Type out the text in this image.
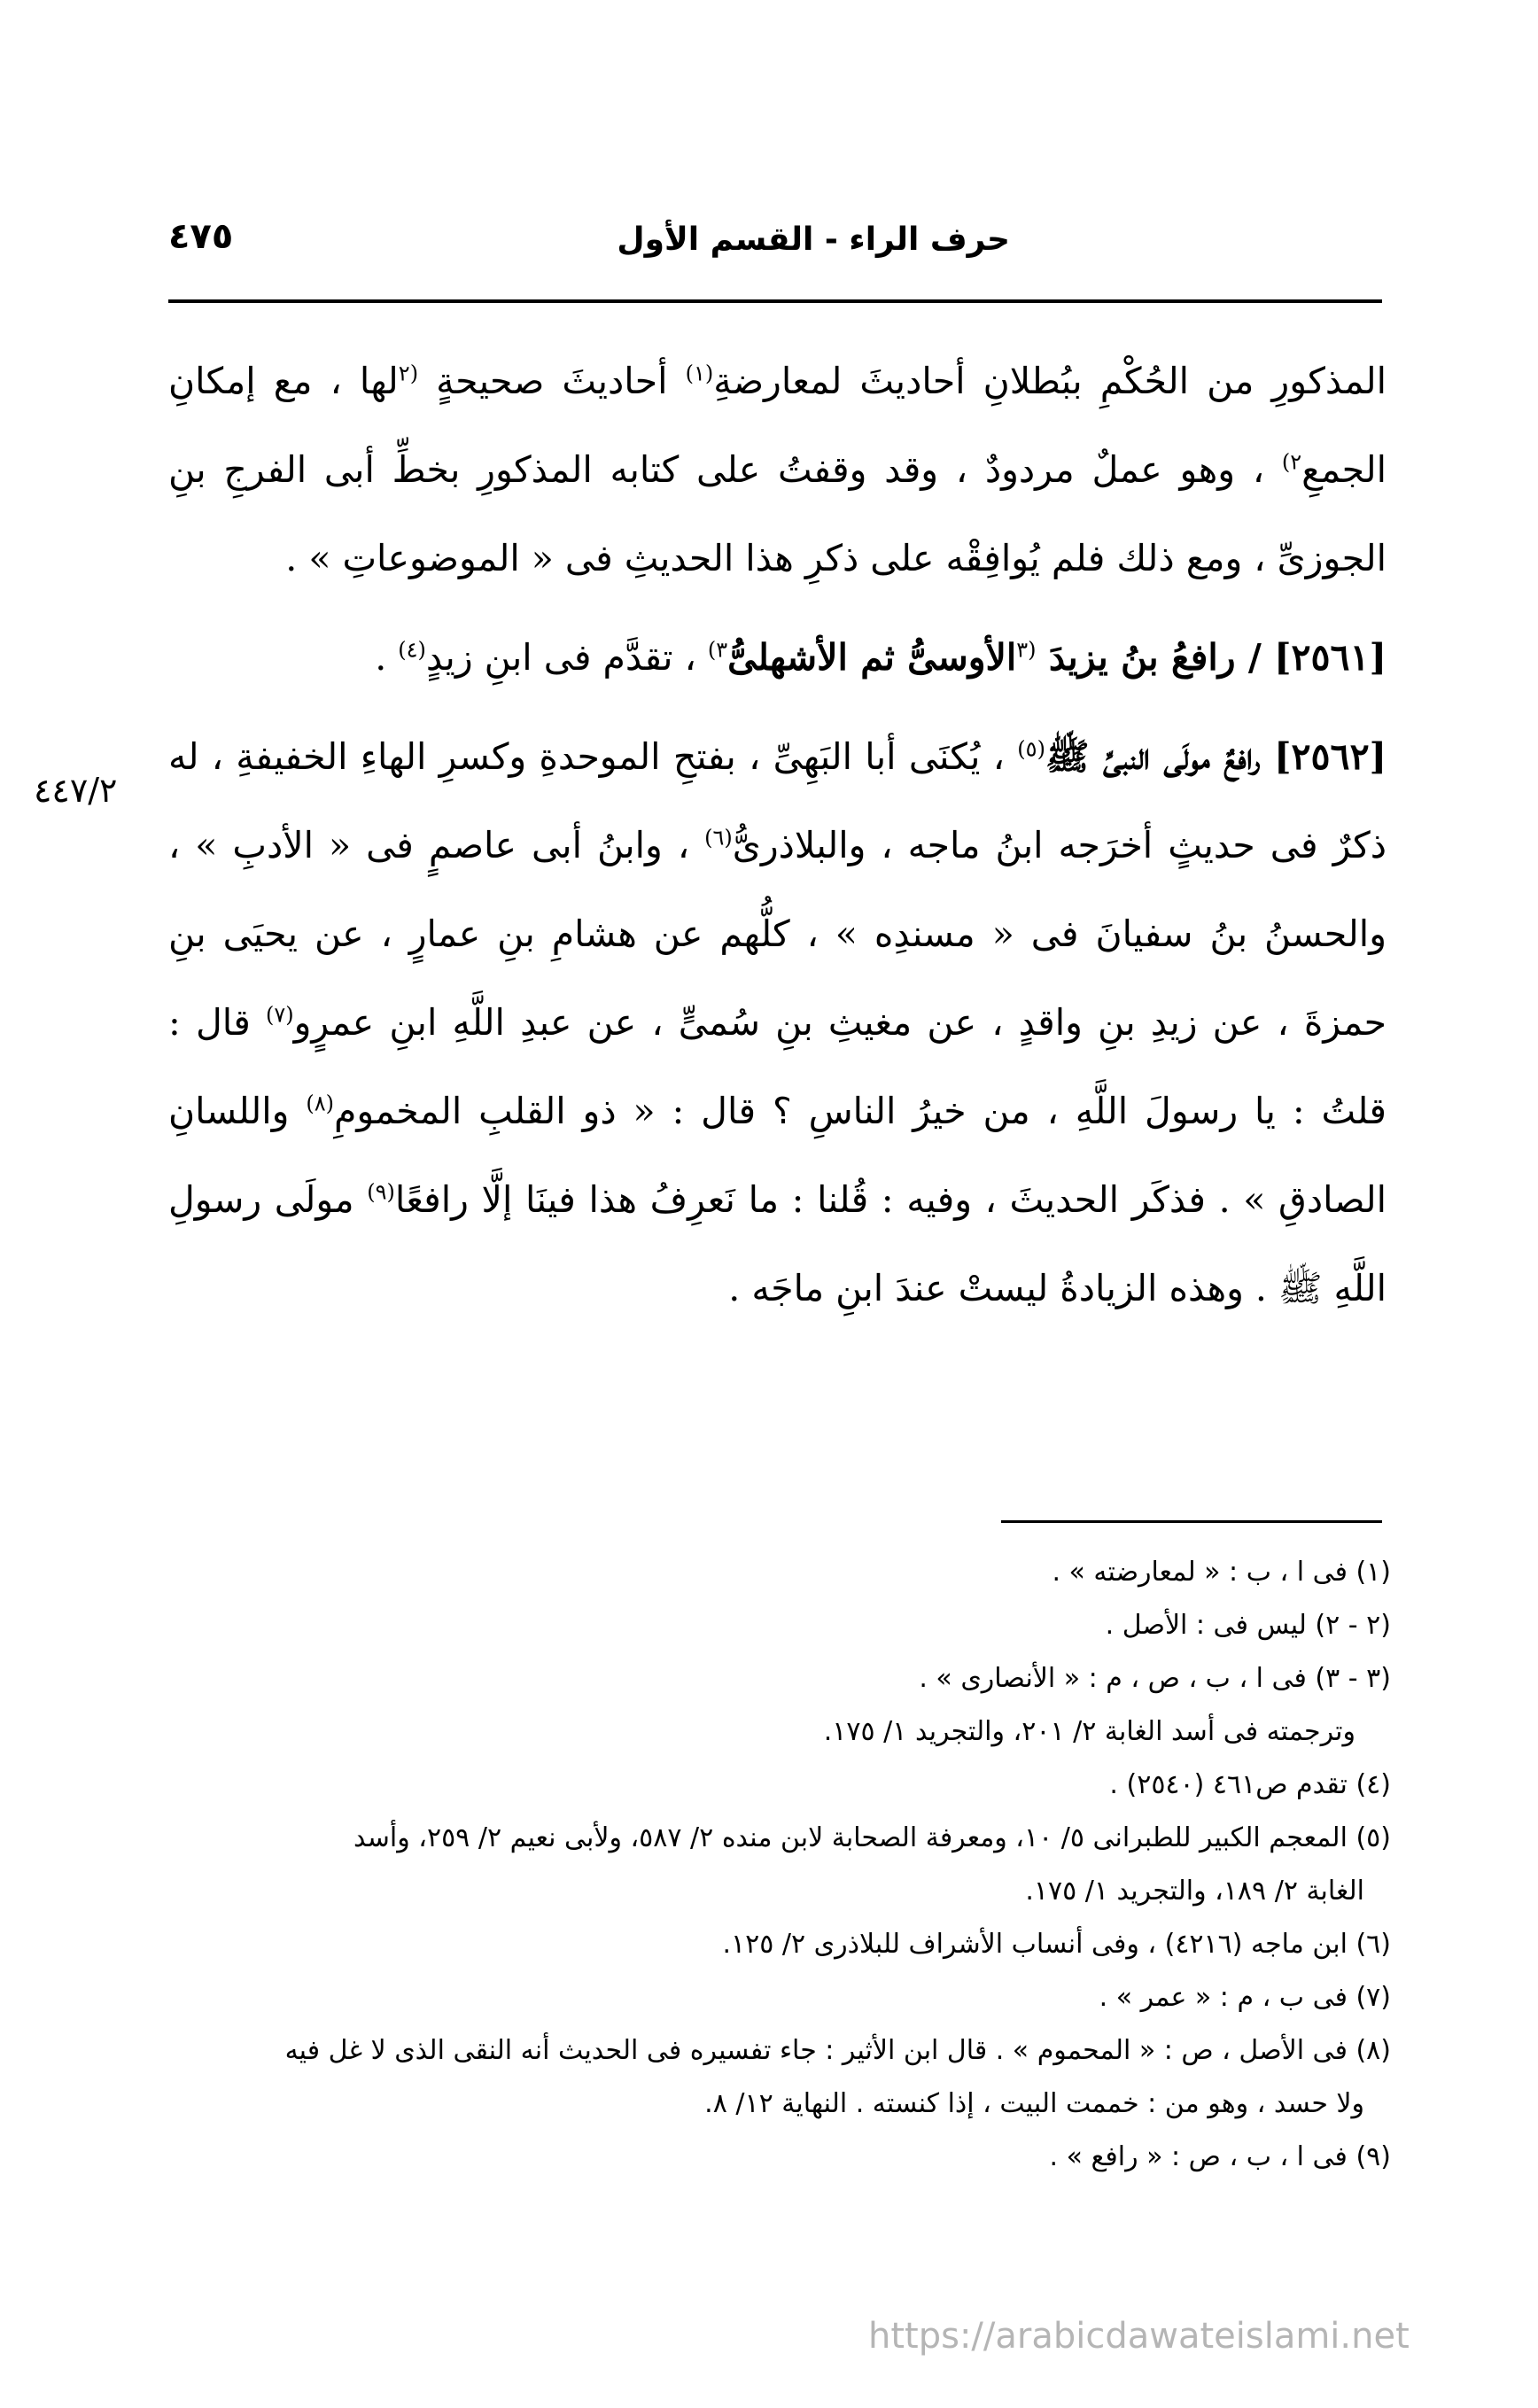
حرف الراء - القسم الأول
٤٧٥

المذكورِ من الحُكْمِ ببُطلانِ أحاديثَ لمعارضةِ$^{(١)}$ أحاديثَ صحيحةٍ $^{(٢}$لها ، مع إمكانِ الجمعِ$^{٢)}$ ، وهو عملٌ مردودٌ ، وقد وقفتُ على كتابه المذكورِ بخطِّ أبى الفرجِ بنِ الجوزىِّ ، ومع ذلك فلم يُوافِقْه على ذكرِ هذا الحديثِ فى « الموضوعاتِ » .

[٢٥٦١] / رافعُ بنُ يزيدَ $^{(٣}$الأوسىُّ ثم الأشهلىُّ$^{٣)}$ ، تقدَّم فى ابنِ زيدٍ$^{(٤)}$ .

[٢٥٦٢] رافعٌ مولَى النبىِّ ﷺ$^{(٥)}$ ، يُكنَى أبا البَهِىِّ ، بفتحِ الموحدةِ وكسرِ الهاءِ الخفيفةِ ، له ذكرٌ فى حديثٍ أخرَجه ابنُ ماجه ، والبلاذرىُّ$^{(٦)}$ ، وابنُ أبى عاصمٍ فى « الأدبِ » ، والحسنُ بنُ سفيانَ فى « مسندِه » ، كلُّهم عن هشامِ بنِ عمارٍ ، عن يحيَى بنِ حمزةَ ، عن زيدِ بنِ واقدٍ ، عن مغيثِ بنِ سُمىٍّ ، عن عبدِ اللَّهِ ابنِ عمرٍو$^{(٧)}$ قال : قلتُ : يا رسولَ اللَّهِ ، من خيرُ الناسِ ؟ قال : « ذو القلبِ المخمومِ$^{(٨)}$ واللسانِ الصادقِ » . فذكَر الحديثَ ، وفيه : قُلنا : ما نَعرِفُ هذا فينَا إلَّا رافعًا$^{(٩)}$ مولَى رسولِ اللَّهِ ﷺ . وهذه الزيادةُ ليستْ عندَ ابنِ ماجَه .

٤٤٧/٢

(١) فى ا ، ب : « لمعارضته » .

(٢ - ٢) ليس فى : الأصل .

(٣ - ٣) فى ا ، ب ، ص ، م : « الأنصارى » .

وترجمته فى أسد الغابة ٢/ ٢٠١، والتجريد ١/ ١٧٥.

(٤) تقدم ص٤٦١ (٢٥٤٠) .

(٥) المعجم الكبير للطبرانى ٥/ ١٠، ومعرفة الصحابة لابن منده ٢/ ٥٨٧، ولأبى نعيم ٢/ ٢٥٩، وأسد

الغابة ٢/ ١٨٩، والتجريد ١/ ١٧٥.

(٦) ابن ماجه (٤٢١٦) ، وفى أنساب الأشراف للبلاذرى ٢/ ١٢٥.

(٧) فى ب ، م : « عمر » .

(٨) فى الأصل ، ص : « المحموم » . قال ابن الأثير : جاء تفسيره فى الحديث أنه النقى الذى لا غل فيه

ولا حسد ، وهو من : خممت البيت ، إذا كنسته . النهاية ١٢/ ٨.

(٩) فى ا ، ب ، ص : « رافع » .

https://arabicdawateislami.net
